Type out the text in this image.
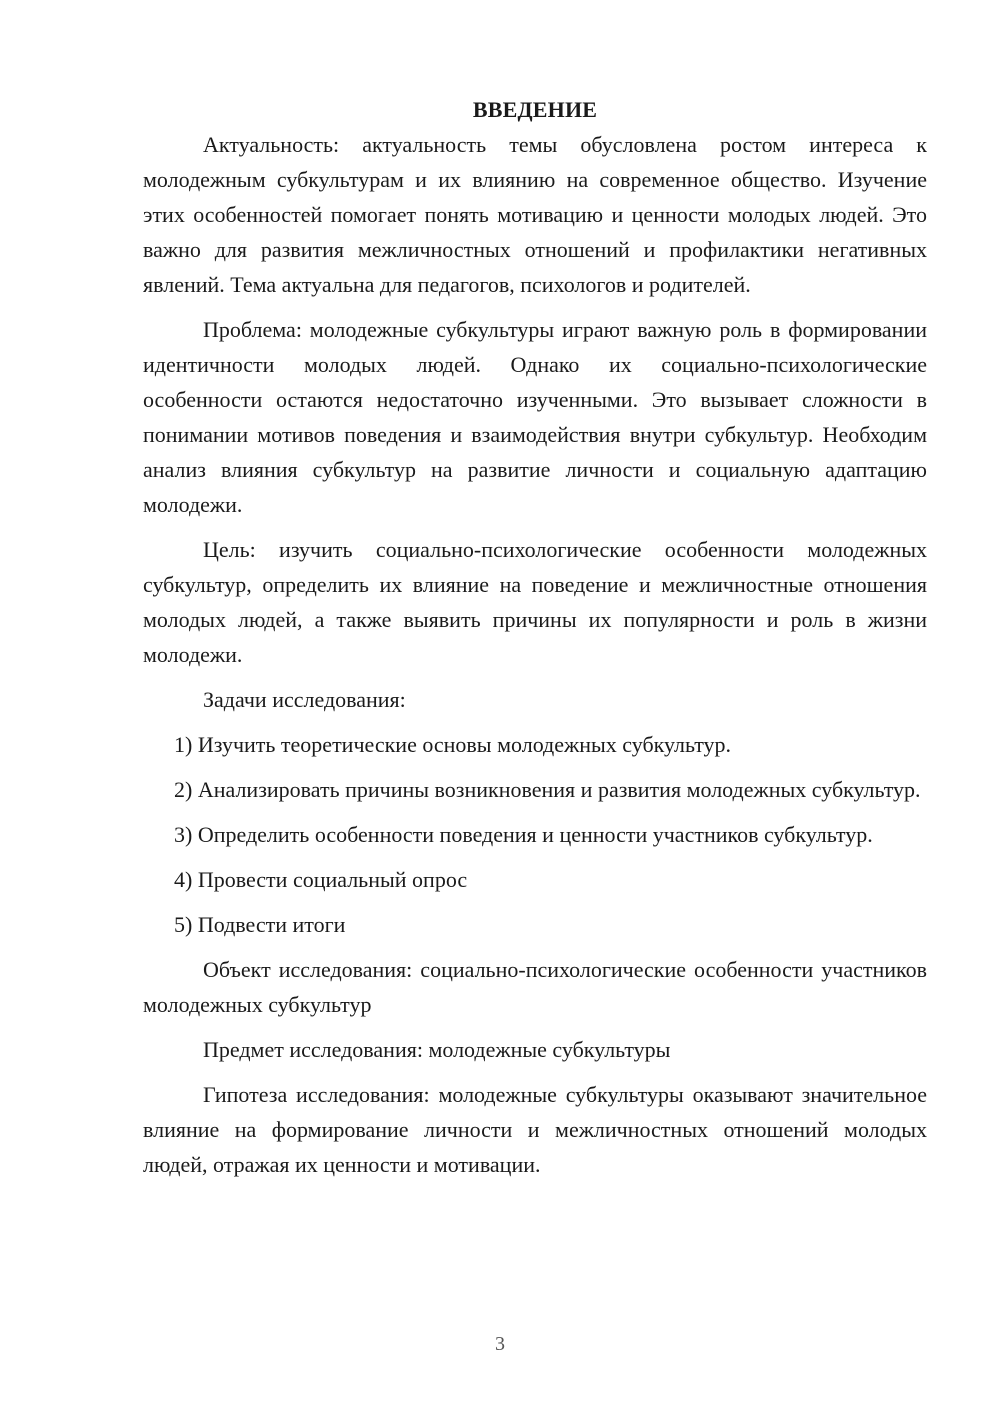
ВВЕДЕНИЕ

Актуальность: актуальность темы обусловлена ростом интереса к молодежным субкультурам и их влиянию на современное общество. Изучение этих особенностей помогает понять мотивацию и ценности молодых людей. Это важно для развития межличностных отношений и профилактики негативных явлений. Тема актуальна для педагогов, психологов и родителей.

Проблема: молодежные субкультуры играют важную роль в формировании идентичности молодых людей. Однако их социально-психологические особенности остаются недостаточно изученными. Это вызывает сложности в понимании мотивов поведения и взаимодействия внутри субкультур. Необходим анализ влияния субкультур на развитие личности и социальную адаптацию молодежи.

Цель: изучить социально-психологические особенности молодежных субкультур, определить их влияние на поведение и межличностные отношения молодых людей, а также выявить причины их популярности и роль в жизни молодежи.

Задачи исследования:

1) Изучить теоретические основы молодежных субкультур.

2) Анализировать причины возникновения и развития молодежных субкультур.

3) Определить особенности поведения и ценности участников субкультур.

4) Провести социальный опрос

5) Подвести итоги

Объект исследования: социально-психологические особенности участников молодежных субкультур

Предмет исследования: молодежные субкультуры

Гипотеза исследования: молодежные субкультуры оказывают значительное влияние на формирование личности и межличностных отношений молодых людей, отражая их ценности и мотивации.

3
